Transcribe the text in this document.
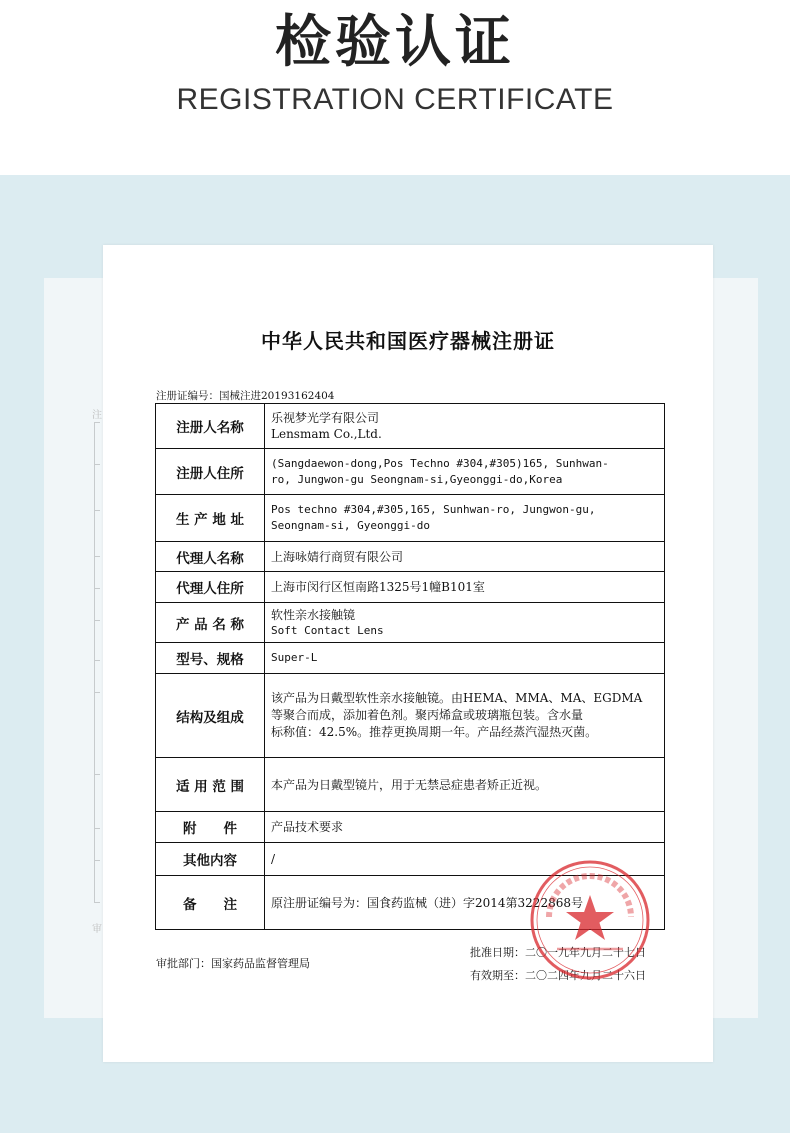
检验认证
REGISTRATION CERTIFICATE
注
审
中华人民共和国医疗器械注册证
注册证编号：国械注进20193162404
注册人名称	乐视梦光学有限公司
Lensmam Co.,Ltd.

注册人住所	(Sangdaewon-dong,Pos Techno #304,#305)165, Sunhwan-
ro, Jungwon-gu Seongnam-si,Gyeonggi-do,Korea

生 产 地 址	Pos techno #304,#305,165, Sunhwan-ro, Jungwon-gu,
Seongnam-si, Gyeonggi-do

代理人名称	上海咏婧行商贸有限公司
代理人住所	上海市闵行区恒南路1325号1幢B101室
产 品 名 称	软性亲水接触镜
Soft Contact Lens

型号、规格	Super-L
结构及组成	该产品为日戴型软性亲水接触镜。由HEMA、MMA、MA、EGDMA
等聚合而成，添加着色剂。聚丙烯盒或玻璃瓶包装。含水量
标称值：42.5%。推荐更换周期一年。产品经蒸汽湿热灭菌。

适 用 范 围	本产品为日戴型镜片，用于无禁忌症患者矫正近视。
附　　件	产品技术要求
其他内容	/
备　　注	原注册证编号为：国食药监械（进）字2014第3222868号
审批部门：国家药品监督管理局
批准日期：二〇一九年九月二十七日
有效期至：二〇二四年九月二十六日
